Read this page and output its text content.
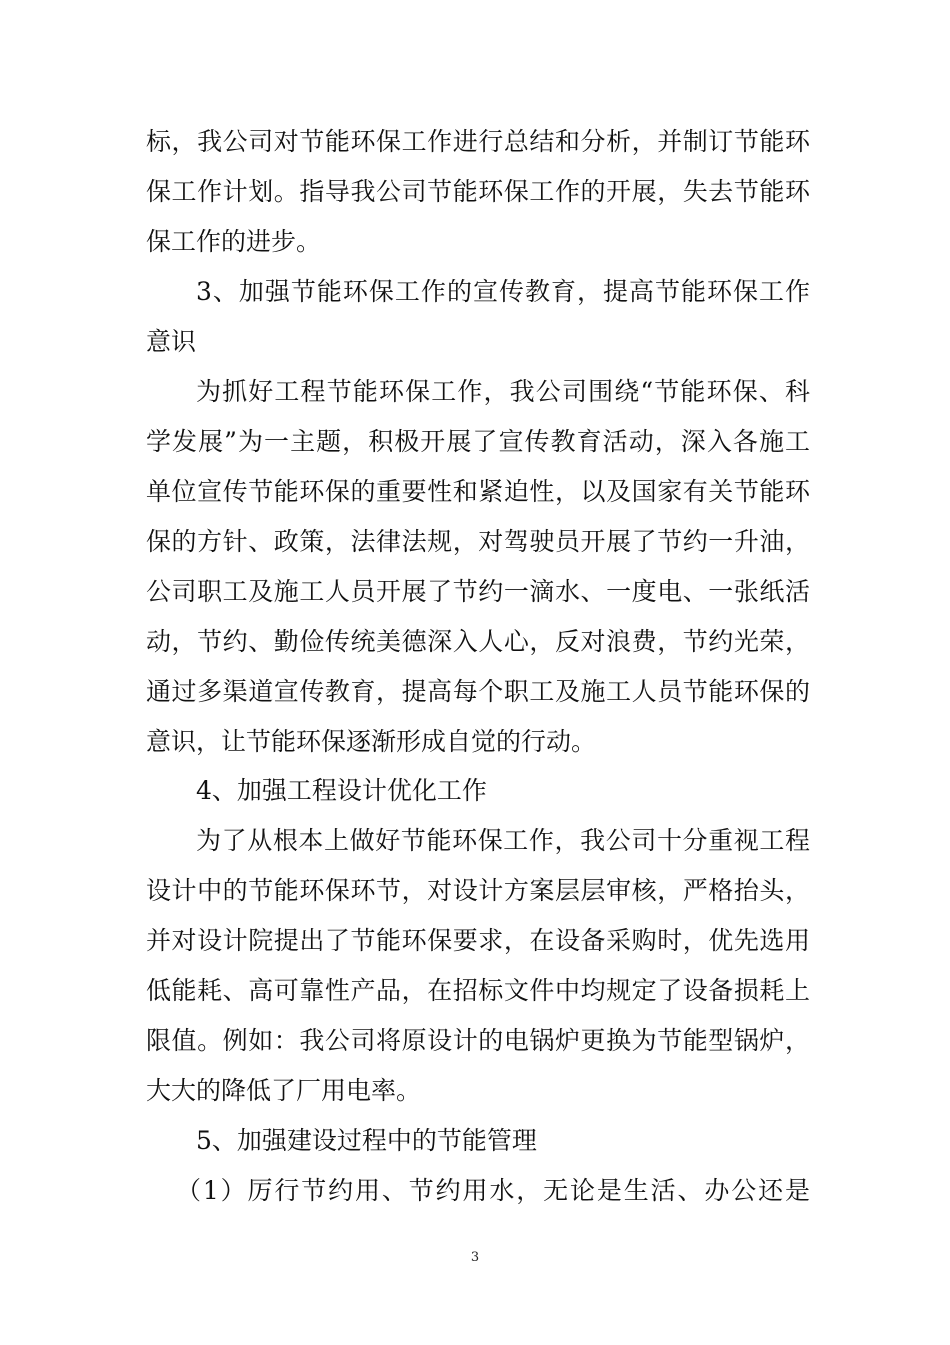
标，我公司对节能环保工作进行总结和分析，并制订节能环
保工作计划。指导我公司节能环保工作的开展，失去节能环
保工作的进步。
3、加强节能环保工作的宣传教育，提高节能环保工作
意识
为抓好工程节能环保工作，我公司围绕“节能环保、科
学发展”为一主题，积极开展了宣传教育活动，深入各施工
单位宣传节能环保的重要性和紧迫性，以及国家有关节能环
保的方针、政策，法律法规，对驾驶员开展了节约一升油，
公司职工及施工人员开展了节约一滴水、一度电、一张纸活
动，节约、勤俭传统美德深入人心，反对浪费，节约光荣，
通过多渠道宣传教育，提高每个职工及施工人员节能环保的
意识，让节能环保逐渐形成自觉的行动。
4、加强工程设计优化工作
为了从根本上做好节能环保工作，我公司十分重视工程
设计中的节能环保环节，对设计方案层层审核，严格抬头，
并对设计院提出了节能环保要求，在设备采购时，优先选用
低能耗、高可靠性产品，在招标文件中均规定了设备损耗上
限值。例如：我公司将原设计的电锅炉更换为节能型锅炉，
大大的降低了厂用电率。
5、加强建设过程中的节能管理
（1）厉行节约用、节约用水，无论是生活、办公还是
3
